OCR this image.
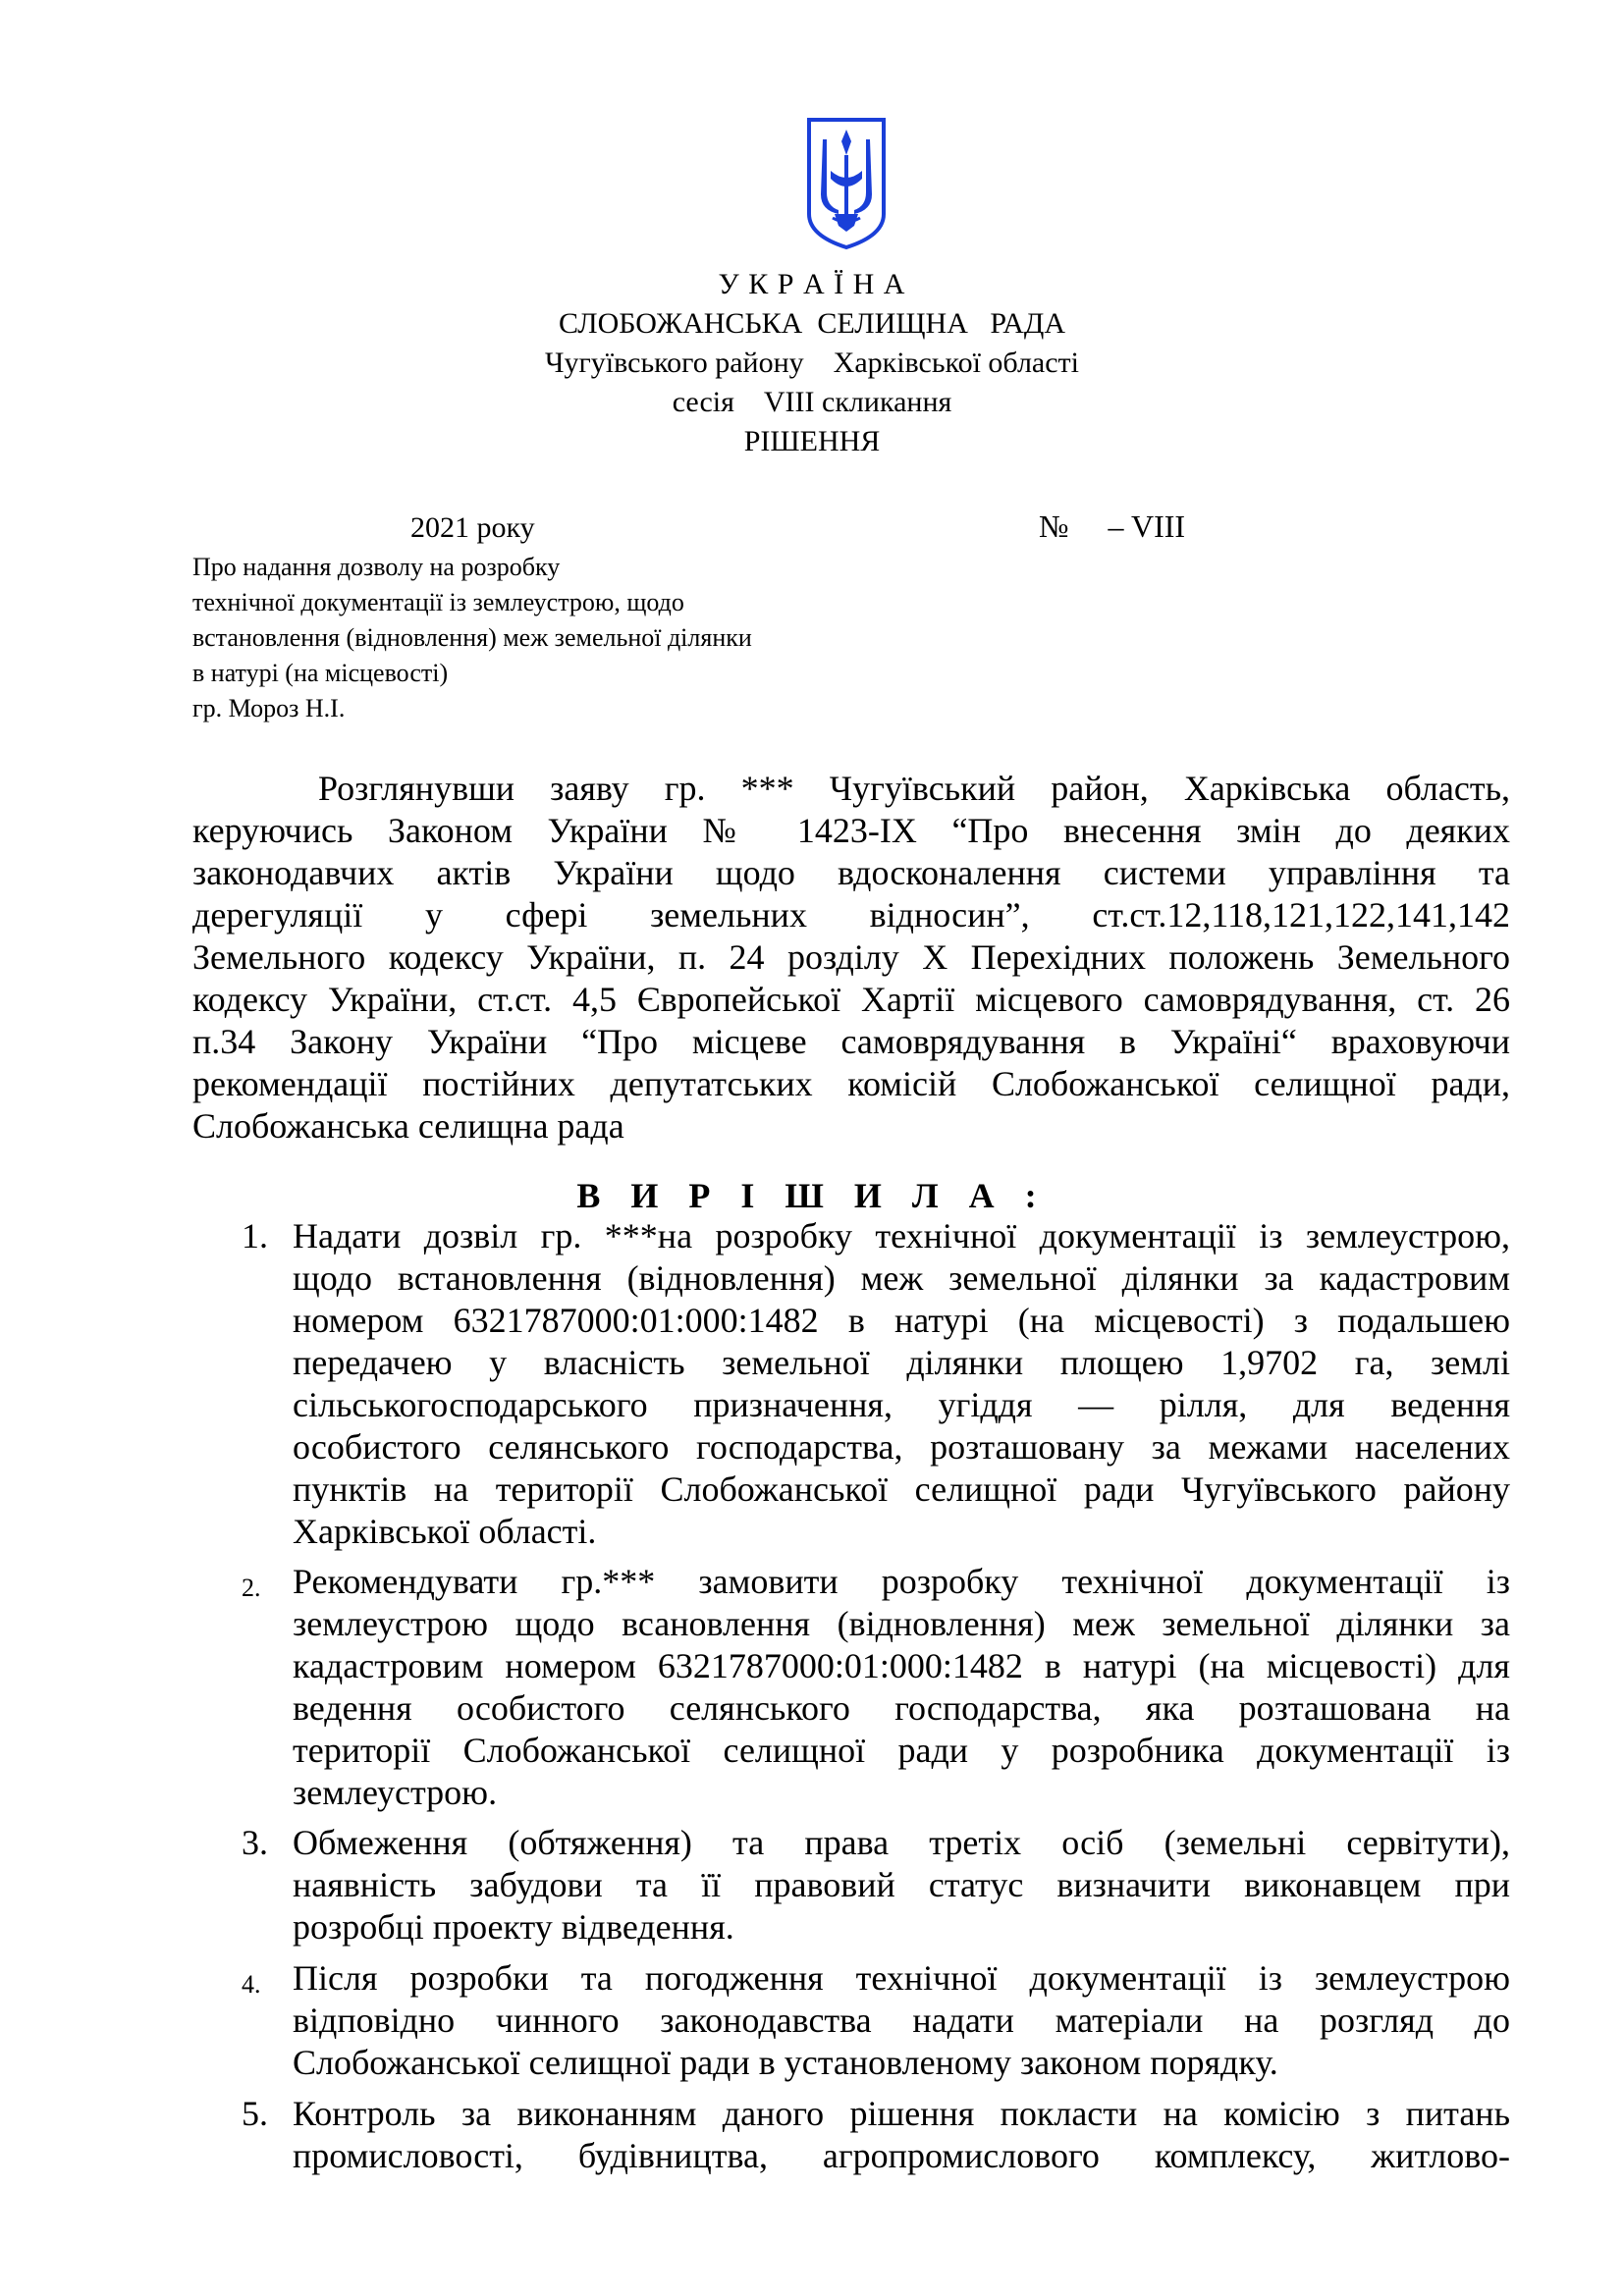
У К Р А Ї Н А
СЛОБОЖАНСЬКА  СЕЛИЩНА   РАДА
Чугуївського району    Харківської області
сесія    VIII скликання
РІШЕННЯ
2021 року	№     – VIII
Про надання дозволу на розробку
технічної документації із землеустрою, щодо
встановлення (відновлення) меж земельної ділянки
в натурі (на місцевості)
гр. Мороз Н.І.
Розглянувши заяву гр. *** Чугуївський район, Харківська область,
керуючись Законом України № 1423-IX “Про внесення змін до деяких
законодавчих актів України щодо вдосконалення системи управління та
дерегуляції у сфері земельних відносин”, ст.ст.12,118,121,122,141,142
Земельного кодексу України, п. 24 розділу Х Перехідних положень Земельного
кодексу України, ст.ст. 4,5 Європейської Хартії місцевого самоврядування, ст. 26
п.34 Закону України “Про місцеве самоврядування в Україні“ враховуючи
рекомендації постійних депутатських комісій Слобожанської селищної ради,
Слобожанська селищна рада
В И Р І Ш И Л А :
1. Надати дозвіл гр. ***на розробку технічної документації із землеустрою,
щодо встановлення (відновлення) меж земельної ділянки за кадастровим
номером 6321787000:01:000:1482 в натурі (на місцевості) з подальшею
передачею у власність земельної ділянки площею 1,9702 га, землі
сільськогосподарського призначення, угіддя — рілля, для ведення
особистого селянського господарства, розташовану за межами населених
пунктів на території Слобожанської селищної ради Чугуївського району
Харківської області.
2. Рекомендувати гр.*** замовити розробку технічної документації із
землеустрою щодо всановлення (відновлення) меж земельної ділянки за
кадастровим номером 6321787000:01:000:1482 в натурі (на місцевості) для
ведення особистого селянського господарства, яка розташована на
території Слобожанської селищної ради у розробника документації із
землеустрою.
3. Обмеження (обтяження) та права третіх осіб (земельні сервітути),
наявність забудови та її правовий статус визначити виконавцем при
розробці проекту відведення.
4. Після розробки та погодження технічної документації із землеустрою
відповідно чинного законодавства надати матеріали на розгляд до
Слобожанської селищної ради в установленому законом порядку.
5. Контроль за виконанням даного рішення покласти на комісію з питань
промисловості, будівництва, агропромислового комплексу, житлово-
